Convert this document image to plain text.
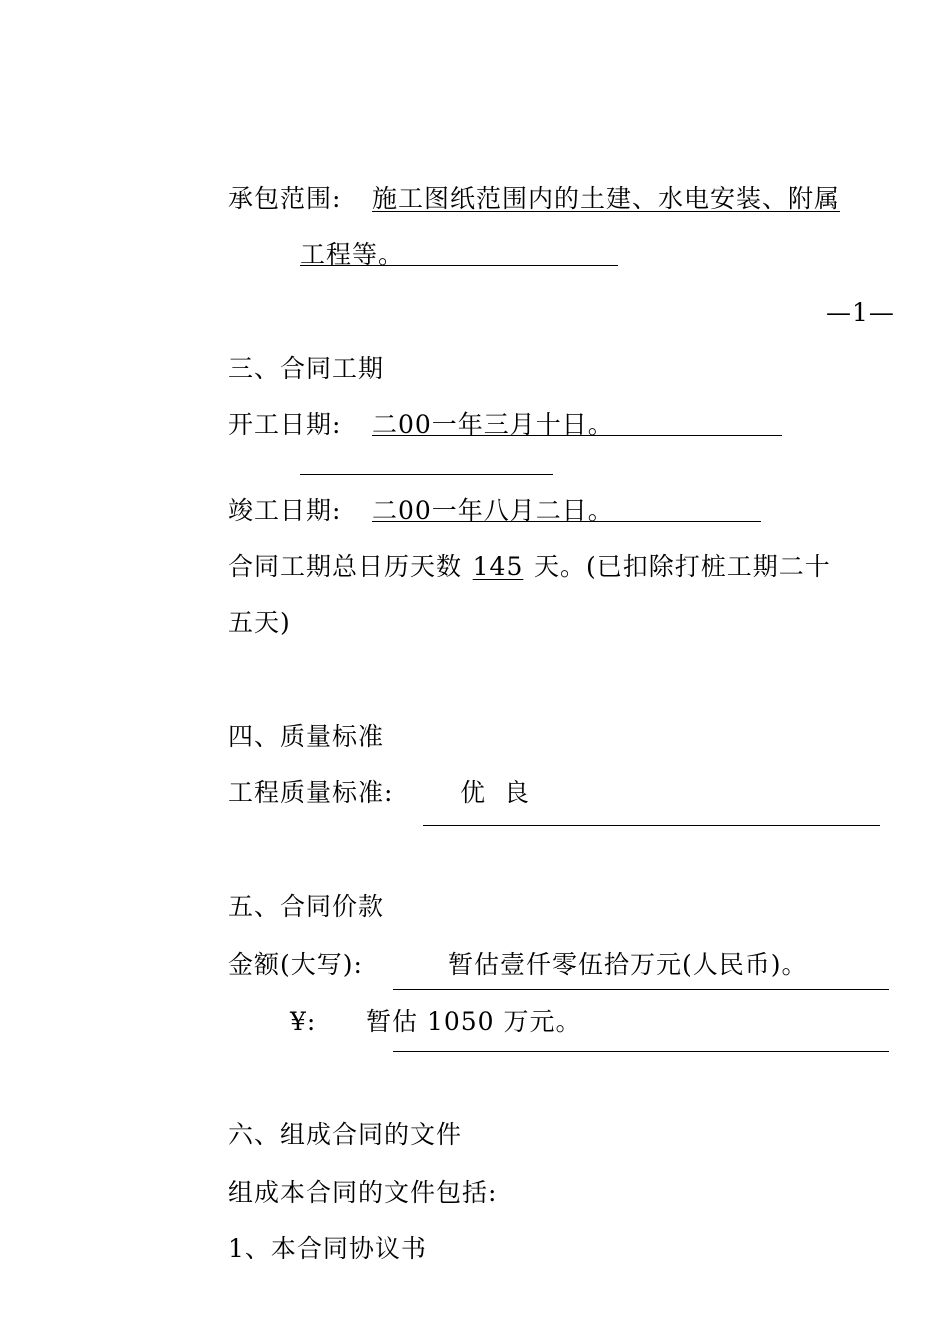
承包范围: 施工图纸范围内的土建、水电安装、附属
工程等。
—1—
三、合同工期
开工日期: 二00一年三月十日。
竣工日期: 二00一年八月二日。
合同工期总日历天数 145 天。(已扣除打桩工期二十
五天)
四、质量标准
工程质量标准:	优  良
五、合同价款
金额(大写):	暂估壹仟零伍拾万元(人民币)。
¥: 暂估 1050 万元。
六、组成合同的文件
组成本合同的文件包括:
1、本合同协议书
